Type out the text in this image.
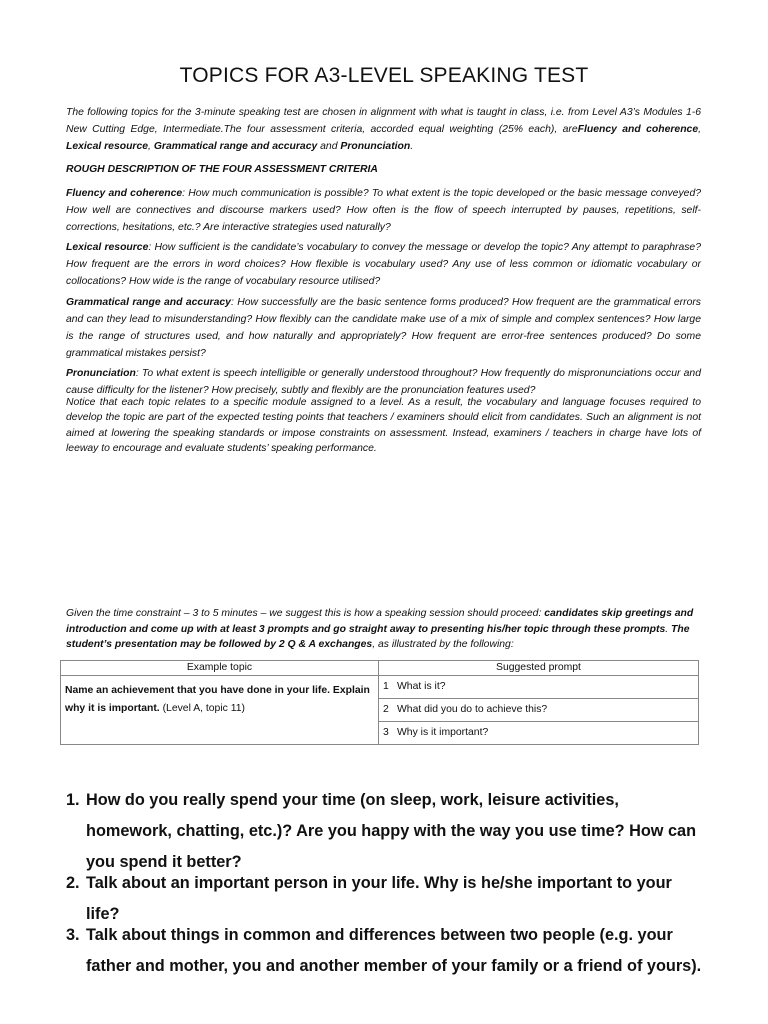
TOPICS FOR A3-LEVEL SPEAKING TEST

The following topics for the 3-minute speaking test are chosen in alignment with what is taught in class, i.e. from Level A3’s Modules 1-6 New Cutting Edge, Intermediate.The four assessment criteria, accorded equal weighting (25% each), areFluency and coherence, Lexical resource, Grammatical range and accuracy and Pronunciation.

ROUGH DESCRIPTION OF THE FOUR ASSESSMENT CRITERIA

Fluency and coherence: How much communication is possible? To what extent is the topic developed or the basic message conveyed? How well are connectives and discourse markers used? How often is the flow of speech interrupted by pauses, repetitions, self-corrections, hesitations, etc.? Are interactive strategies used naturally?

Lexical resource: How sufficient is the candidate’s vocabulary to convey the message or develop the topic? Any attempt to paraphrase? How frequent are the errors in word choices? How flexible is vocabulary used? Any use of less common or idiomatic vocabulary or collocations? How wide is the range of vocabulary resource utilised?

Grammatical range and accuracy: How successfully are the basic sentence forms produced? How frequent are the grammatical errors and can they lead to misunderstanding? How flexibly can the candidate make use of a mix of simple and complex sentences? How large is the range of structures used, and how naturally and appropriately? How frequent are error-free sentences produced? Do some grammatical mistakes persist?

Pronunciation: To what extent is speech intelligible or generally understood throughout? How frequently do mispronunciations occur and cause difficulty for the listener? How precisely, subtly and flexibly are the pronunciation features used?

Notice that each topic relates to a specific module assigned to a level. As a result, the vocabulary and language focuses required to develop the topic are part of the expected testing points that teachers / examiners should elicit from candidates. Such an alignment is not aimed at lowering the speaking standards or impose constraints on assessment. Instead, examiners / teachers in charge have lots of leeway to encourage and evaluate students’ speaking performance.

Given the time constraint – 3 to 5 minutes – we suggest this is how a speaking session should proceed: candidates skip greetings and introduction and come up with at least 3 prompts and go straight away to presenting his/her topic through these prompts. The student’s presentation may be followed by 2 Q & A exchanges, as illustrated by the following:

Example topic	Suggested prompt
Name an achievement that you have done in your life. Explain why it is important. (Level A, topic 11)	1 What is it?
	2 What did you do to achieve this?
	3 Why is it important?
1. How do you really spend your time (on sleep, work, leisure activities, homework, chatting, etc.)? Are you happy with the way you use time? How can you spend it better?
2. Talk about an important person in your life. Why is he/she important to your life?
3. Talk about things in common and differences between two people (e.g. your father and mother, you and another member of your family or a friend of yours).
